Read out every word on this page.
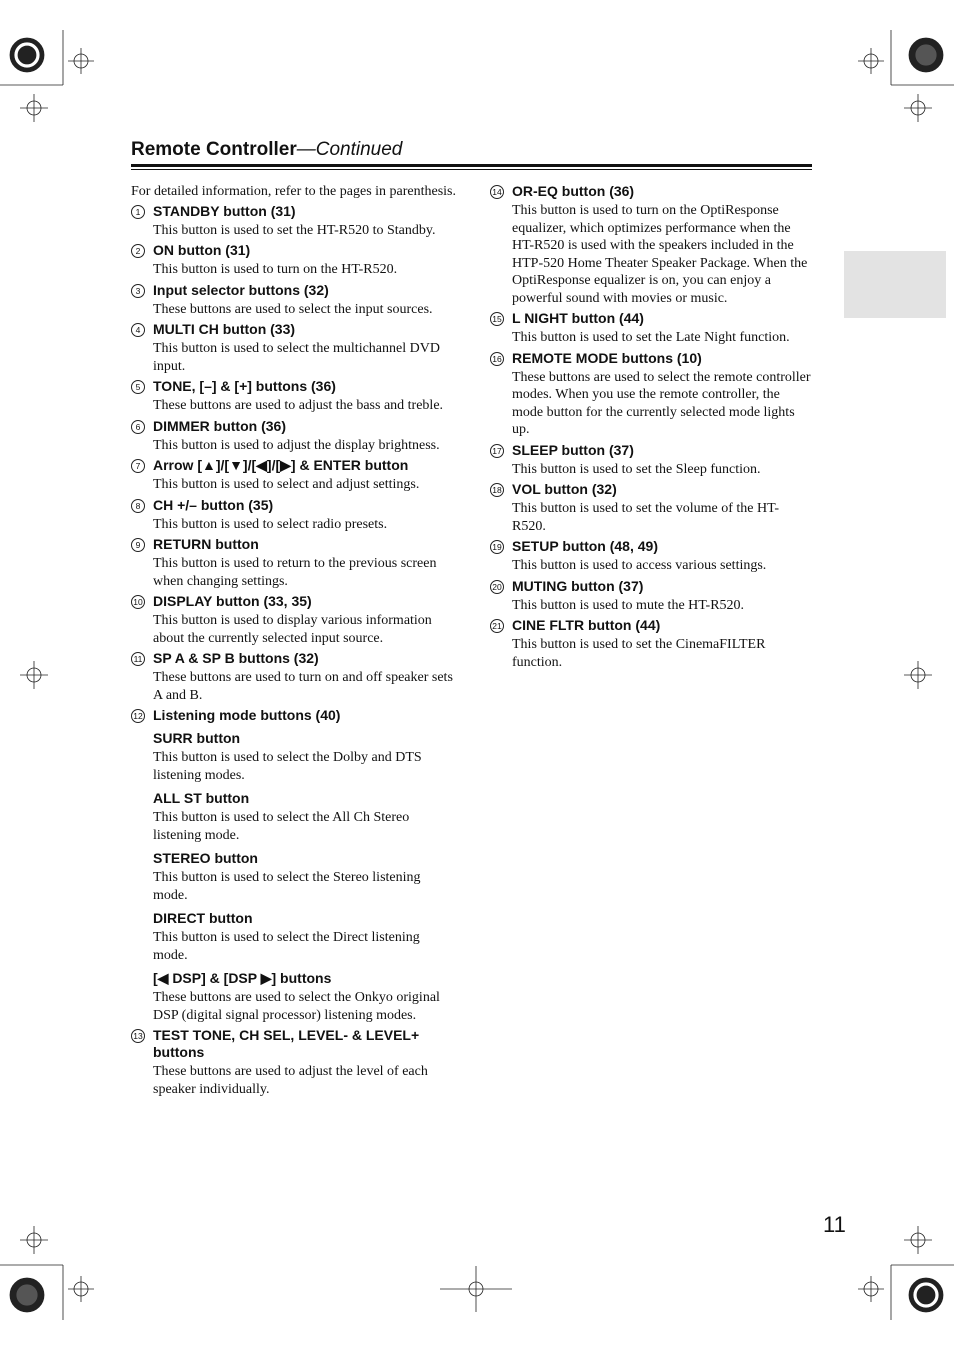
Remote Controller—Continued

For detailed information, refer to the pages in parenthesis.

1 STANDBY button (31)

This button is used to set the HT-R520 to Standby.

2 ON button (31)

This button is used to turn on the HT-R520.

3 Input selector buttons (32)

These buttons are used to select the input sources.

4 MULTI CH button (33)

This button is used to select the multichannel DVD input.

5 TONE, [–] & [+] buttons (36)

These buttons are used to adjust the bass and treble.

6 DIMMER button (36)

This button is used to adjust the display brightness.

7 Arrow [▲]/[▼]/[◀]/[▶] & ENTER button

This button is used to select and adjust settings.

8 CH +/– button (35)

This button is used to select radio presets.

9 RETURN button

This button is used to return to the previous screen when changing settings.

10 DISPLAY button (33, 35)

This button is used to display various information about the currently selected input source.

11 SP A & SP B buttons (32)

These buttons are used to turn on and off speaker sets A and B.

12 Listening mode buttons (40)

SURR button

This button is used to select the Dolby and DTS listening modes.

ALL ST button

This button is used to select the All Ch Stereo listening mode.

STEREO button

This button is used to select the Stereo listening mode.

DIRECT button

This button is used to select the Direct listening mode.

[◀ DSP] & [DSP ▶] buttons

These buttons are used to select the Onkyo original DSP (digital signal processor) listening modes.

13 TEST TONE, CH SEL, LEVEL- & LEVEL+ buttons

These buttons are used to adjust the level of each speaker individually.

14 OR-EQ button (36)

This button is used to turn on the OptiResponse equalizer, which optimizes performance when the HT-R520 is used with the speakers included in the HTP-520 Home Theater Speaker Package. When the OptiResponse equalizer is on, you can enjoy a powerful sound with movies or music.

15 L NIGHT button (44)

This button is used to set the Late Night function.

16 REMOTE MODE buttons (10)

These buttons are used to select the remote controller modes. When you use the remote controller, the mode button for the currently selected mode lights up.

17 SLEEP button (37)

This button is used to set the Sleep function.

18 VOL button (32)

This button is used to set the volume of the HT-R520.

19 SETUP button (48, 49)

This button is used to access various settings.

20 MUTING button (37)

This button is used to mute the HT-R520.

21 CINE FLTR button (44)

This button is used to set the CinemaFILTER function.

11
